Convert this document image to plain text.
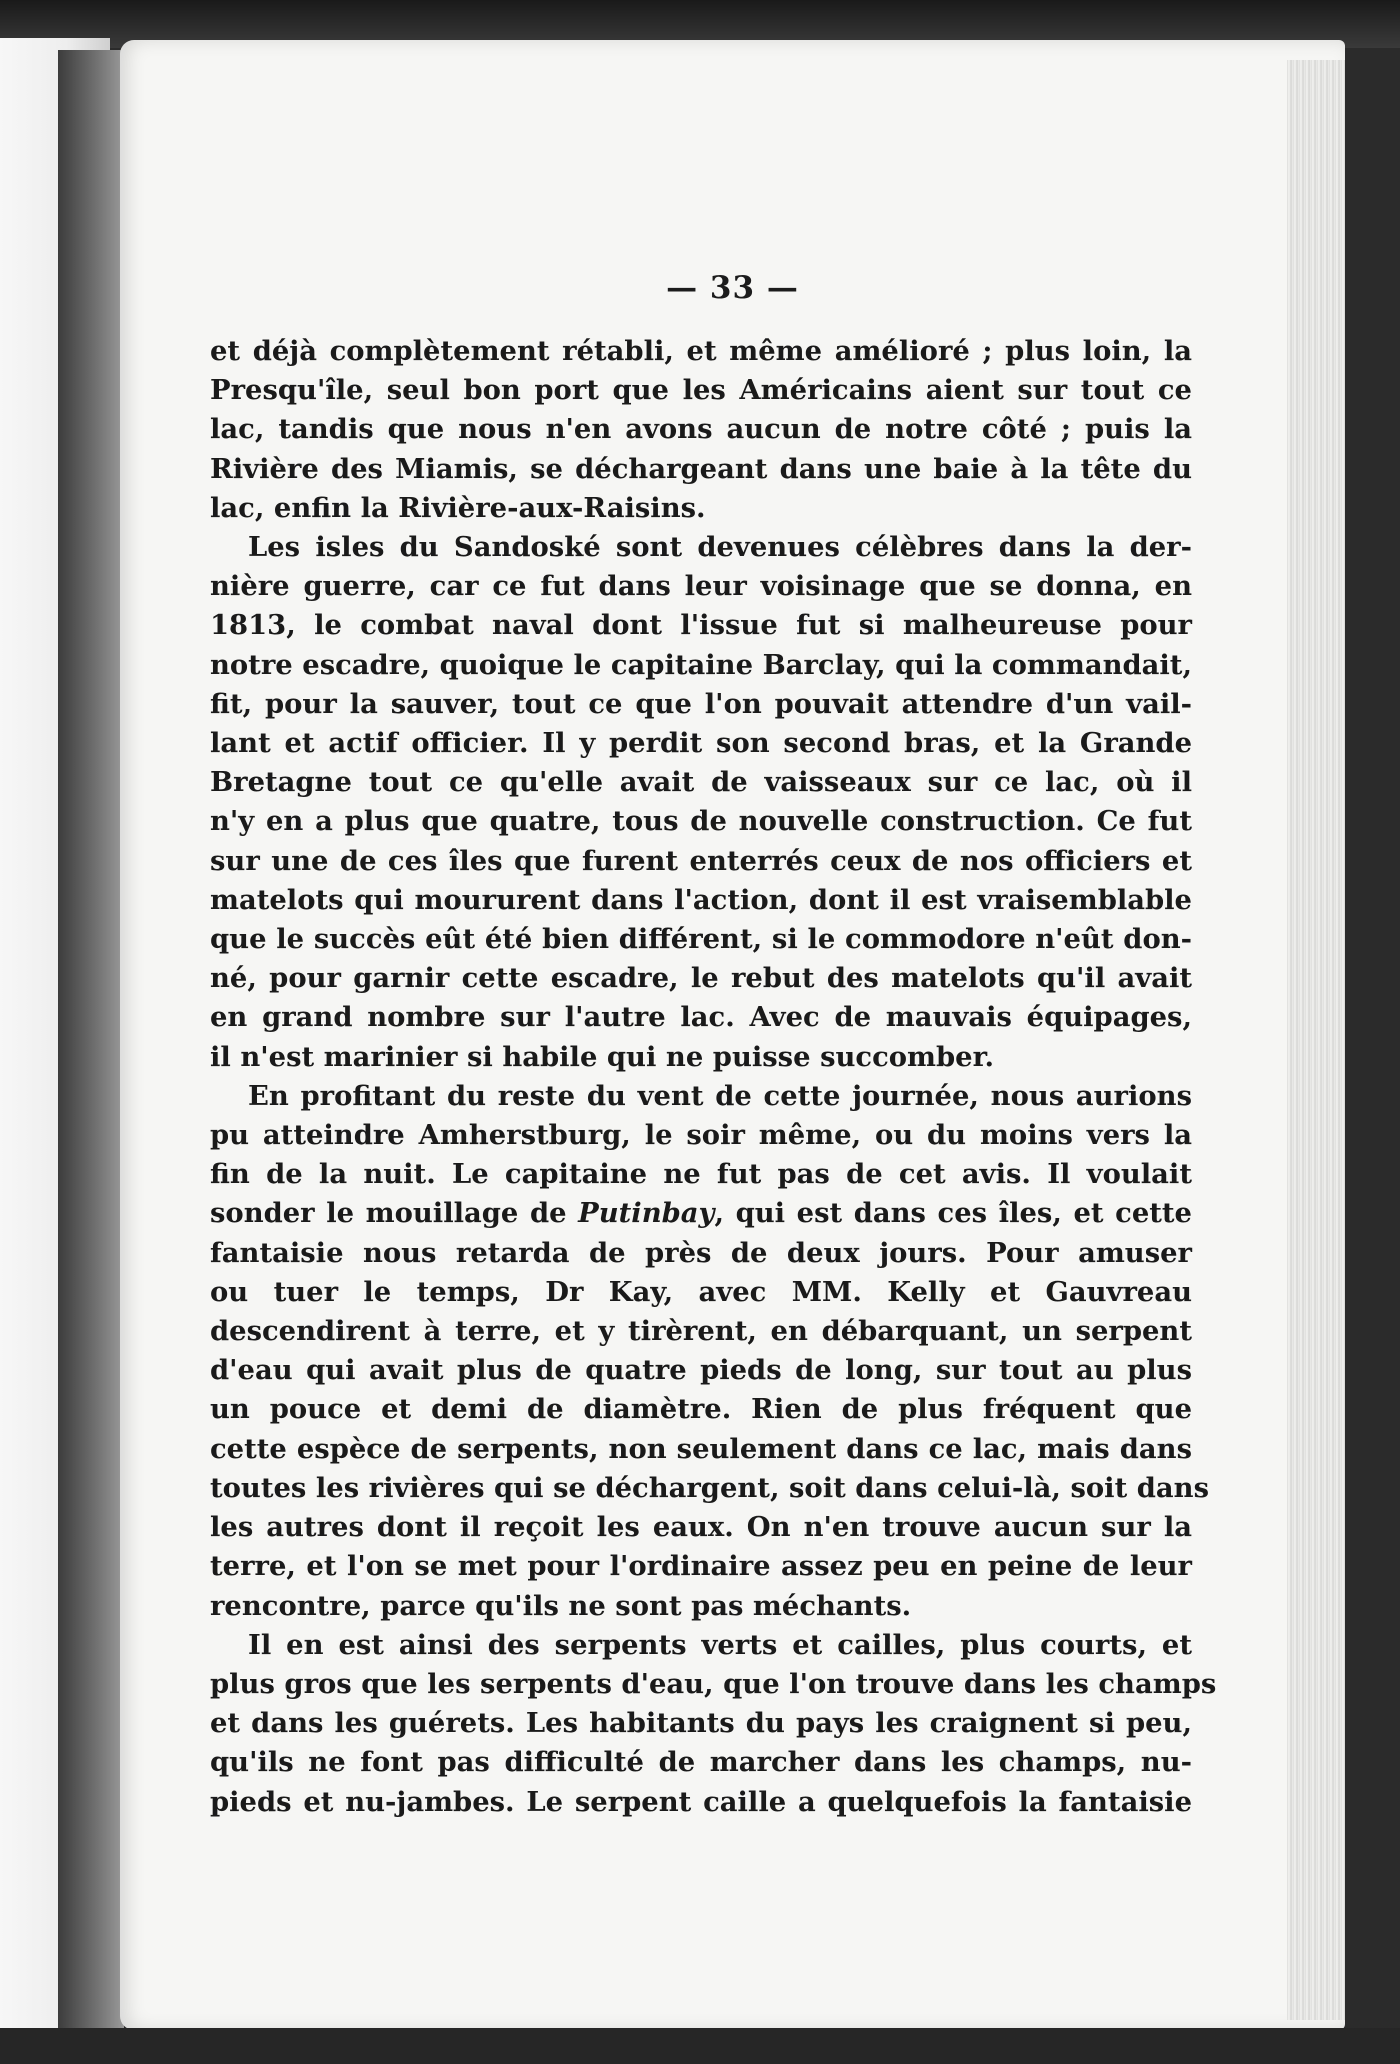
— 33 —

et déjà complètement rétabli, et même amélioré ; plus loin, la
Presqu'île, seul bon port que les Américains aient sur tout ce
lac, tandis que nous n'en avons aucun de notre côté ; puis la
Rivière des Miamis, se déchargeant dans une baie à la tête du
lac, enfin la Rivière-aux-Raisins.

Les isles du Sandoské sont devenues célèbres dans la der-
nière guerre, car ce fut dans leur voisinage que se donna, en
1813, le combat naval dont l'issue fut si malheureuse pour
notre escadre, quoique le capitaine Barclay, qui la commandait,
fit, pour la sauver, tout ce que l'on pouvait attendre d'un vail-
lant et actif officier. Il y perdit son second bras, et la Grande
Bretagne tout ce qu'elle avait de vaisseaux sur ce lac, où il
n'y en a plus que quatre, tous de nouvelle construction. Ce fut
sur une de ces îles que furent enterrés ceux de nos officiers et
matelots qui moururent dans l'action, dont il est vraisemblable
que le succès eût été bien différent, si le commodore n'eût don-
né, pour garnir cette escadre, le rebut des matelots qu'il avait
en grand nombre sur l'autre lac. Avec de mauvais équipages,
il n'est marinier si habile qui ne puisse succomber.

En profitant du reste du vent de cette journée, nous aurions
pu atteindre Amherstburg, le soir même, ou du moins vers la
fin de la nuit. Le capitaine ne fut pas de cet avis. Il voulait
sonder le mouillage de Putinbay, qui est dans ces îles, et cette
fantaisie nous retarda de près de deux jours. Pour amuser
ou tuer le temps, Dr Kay, avec MM. Kelly et Gauvreau
descendirent à terre, et y tirèrent, en débarquant, un serpent
d'eau qui avait plus de quatre pieds de long, sur tout au plus
un pouce et demi de diamètre. Rien de plus fréquent que
cette espèce de serpents, non seulement dans ce lac, mais dans
toutes les rivières qui se déchargent, soit dans celui-là, soit dans
les autres dont il reçoit les eaux. On n'en trouve aucun sur la
terre, et l'on se met pour l'ordinaire assez peu en peine de leur
rencontre, parce qu'ils ne sont pas méchants.

Il en est ainsi des serpents verts et cailles, plus courts, et
plus gros que les serpents d'eau, que l'on trouve dans les champs
et dans les guérets. Les habitants du pays les craignent si peu,
qu'ils ne font pas difficulté de marcher dans les champs, nu-
pieds et nu-jambes. Le serpent caille a quelquefois la fantaisie
